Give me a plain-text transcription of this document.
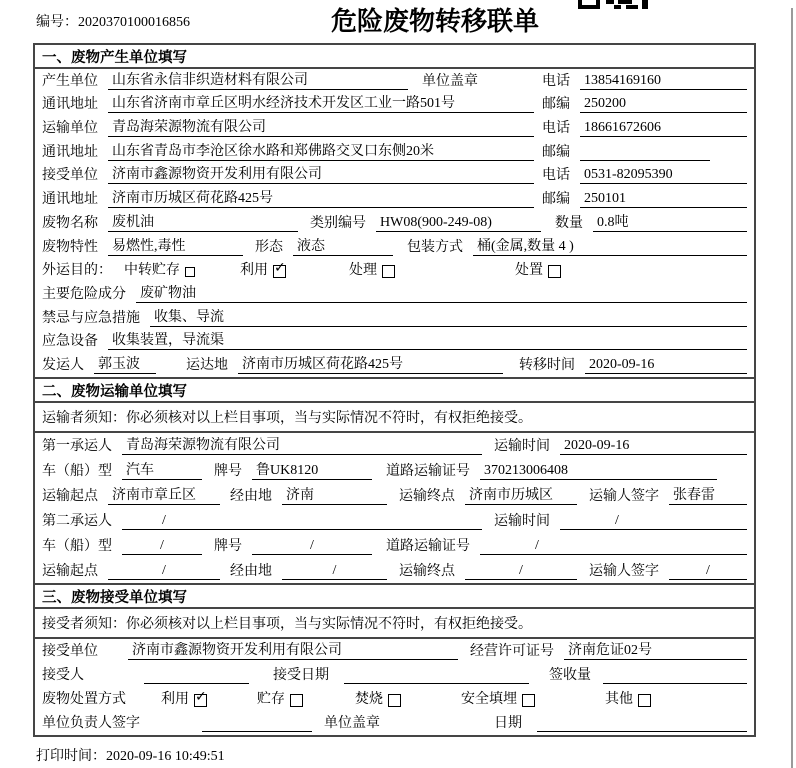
编号：2020370100016856	危险废物转移联单
一、废物产生单位填写
产生单位 山东省永信非织造材料有限公司	单位盖章	电话 13854169160
通讯地址 山东省济南市章丘区明水经济技术开发区工业一路501号	邮编 250200
运输单位 青岛海荣源物流有限公司	电话 18661672606
通讯地址 山东省青岛市李沧区徐水路和郑佛路交叉口东侧20米	邮编
接受单位 济南市鑫源物资开发利用有限公司	电话 0531-82095390
通讯地址 济南市历城区荷花路425号	邮编 250101
废物名称 废机油	类别编号 HW08(900-249-08)	数量 0.8吨
废物特性 易燃性,毒性	形态 液态	包装方式 桶(金属,数量 4 )
外运目的： 中转贮存	利用 ✓	处理	处置
主要危险成分 废矿物油
禁忌与应急措施 收集、导流
应急设备 收集装置，导流渠
发运人 郭玉波	运达地 济南市历城区荷花路425号	转移时间 2020-09-16
二、废物运输单位填写
运输者须知：你必须核对以上栏目事项，当与实际情况不符时，有权拒绝接受。
第一承运人 青岛海荣源物流有限公司	运输时间 2020-09-16
车（船）型 汽车	牌号 鲁UK8120	道路运输证号 370213006408
运输起点 济南市章丘区	经由地 济南	运输终点 济南市历城区	运输人签字 张春雷
第二承运人	/	运输时间	/
车（船）型	/	牌号	/	道路运输证号	/
运输起点	/	经由地	/	运输终点	/	运输人签字	/
三、废物接受单位填写
接受者须知：你必须核对以上栏目事项，当与实际情况不符时，有权拒绝接受。
接受单位 济南市鑫源物资开发利用有限公司	经营许可证号 济南危证02号
接受人	接受日期	签收量
废物处置方式	利用 ✓	贮存	焚烧	安全填埋	其他
单位负责人签字	单位盖章	日期
打印时间：2020-09-16 10:49:51
